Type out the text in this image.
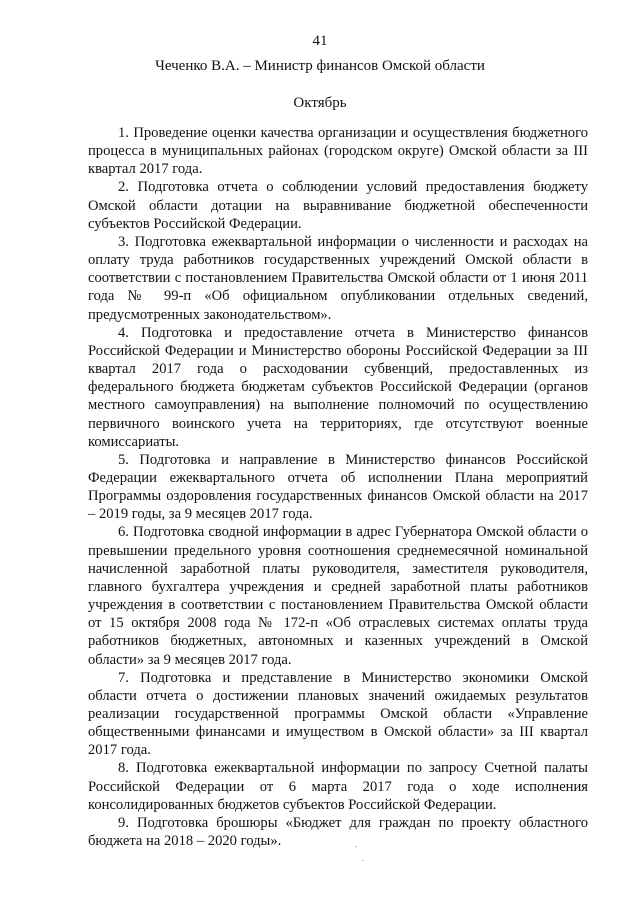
41
Чеченко В.А. – Министр финансов Омской области
Октябрь
1. Проведение оценки качества организации и осуществления бюджетного процесса в муниципальных районах (городском округе) Омской области за III квартал 2017 года.
2. Подготовка отчета о соблюдении условий предоставления бюджету Омской области дотации на выравнивание бюджетной обеспеченности субъектов Российской Федерации.
3. Подготовка ежеквартальной информации о численности и расходах на оплату труда работников государственных учреждений Омской области в соответствии с постановлением Правительства Омской области от 1 июня 2011 года № 99-п «Об официальном опубликовании отдельных сведений, предусмотренных законодательством».
4. Подготовка и предоставление отчета в Министерство финансов Российской Федерации и Министерство обороны Российской Федерации за III квартал 2017 года о расходовании субвенций, предоставленных из федерального бюджета бюджетам субъектов Российской Федерации (органов местного самоуправления) на выполнение полномочий по осуществлению первичного воинского учета на территориях, где отсутствуют военные комиссариаты.
5. Подготовка и направление в Министерство финансов Российской Федерации ежеквартального отчета об исполнении Плана мероприятий Программы оздоровления государственных финансов Омской области на 2017 – 2019 годы, за 9 месяцев 2017 года.
6. Подготовка сводной информации в адрес Губернатора Омской области о превышении предельного уровня соотношения среднемесячной номинальной начисленной заработной платы руководителя, заместителя руководителя, главного бухгалтера учреждения и средней заработной платы работников учреждения в соответствии с постановлением Правительства Омской области от 15 октября 2008 года № 172-п «Об отраслевых системах оплаты труда работников бюджетных, автономных и казенных учреждений в Омской области» за 9 месяцев 2017 года.
7. Подготовка и представление в Министерство экономики Омской области отчета о достижении плановых значений ожидаемых результатов реализации государственной программы Омской области «Управление общественными финансами и имуществом в Омской области» за III квартал 2017 года.
8. Подготовка ежеквартальной информации по запросу Счетной палаты Российской Федерации от 6 марта 2017 года о ходе исполнения консолидированных бюджетов субъектов Российской Федерации.
9. Подготовка брошюры «Бюджет для граждан по проекту областного бюджета на 2018 – 2020 годы».
